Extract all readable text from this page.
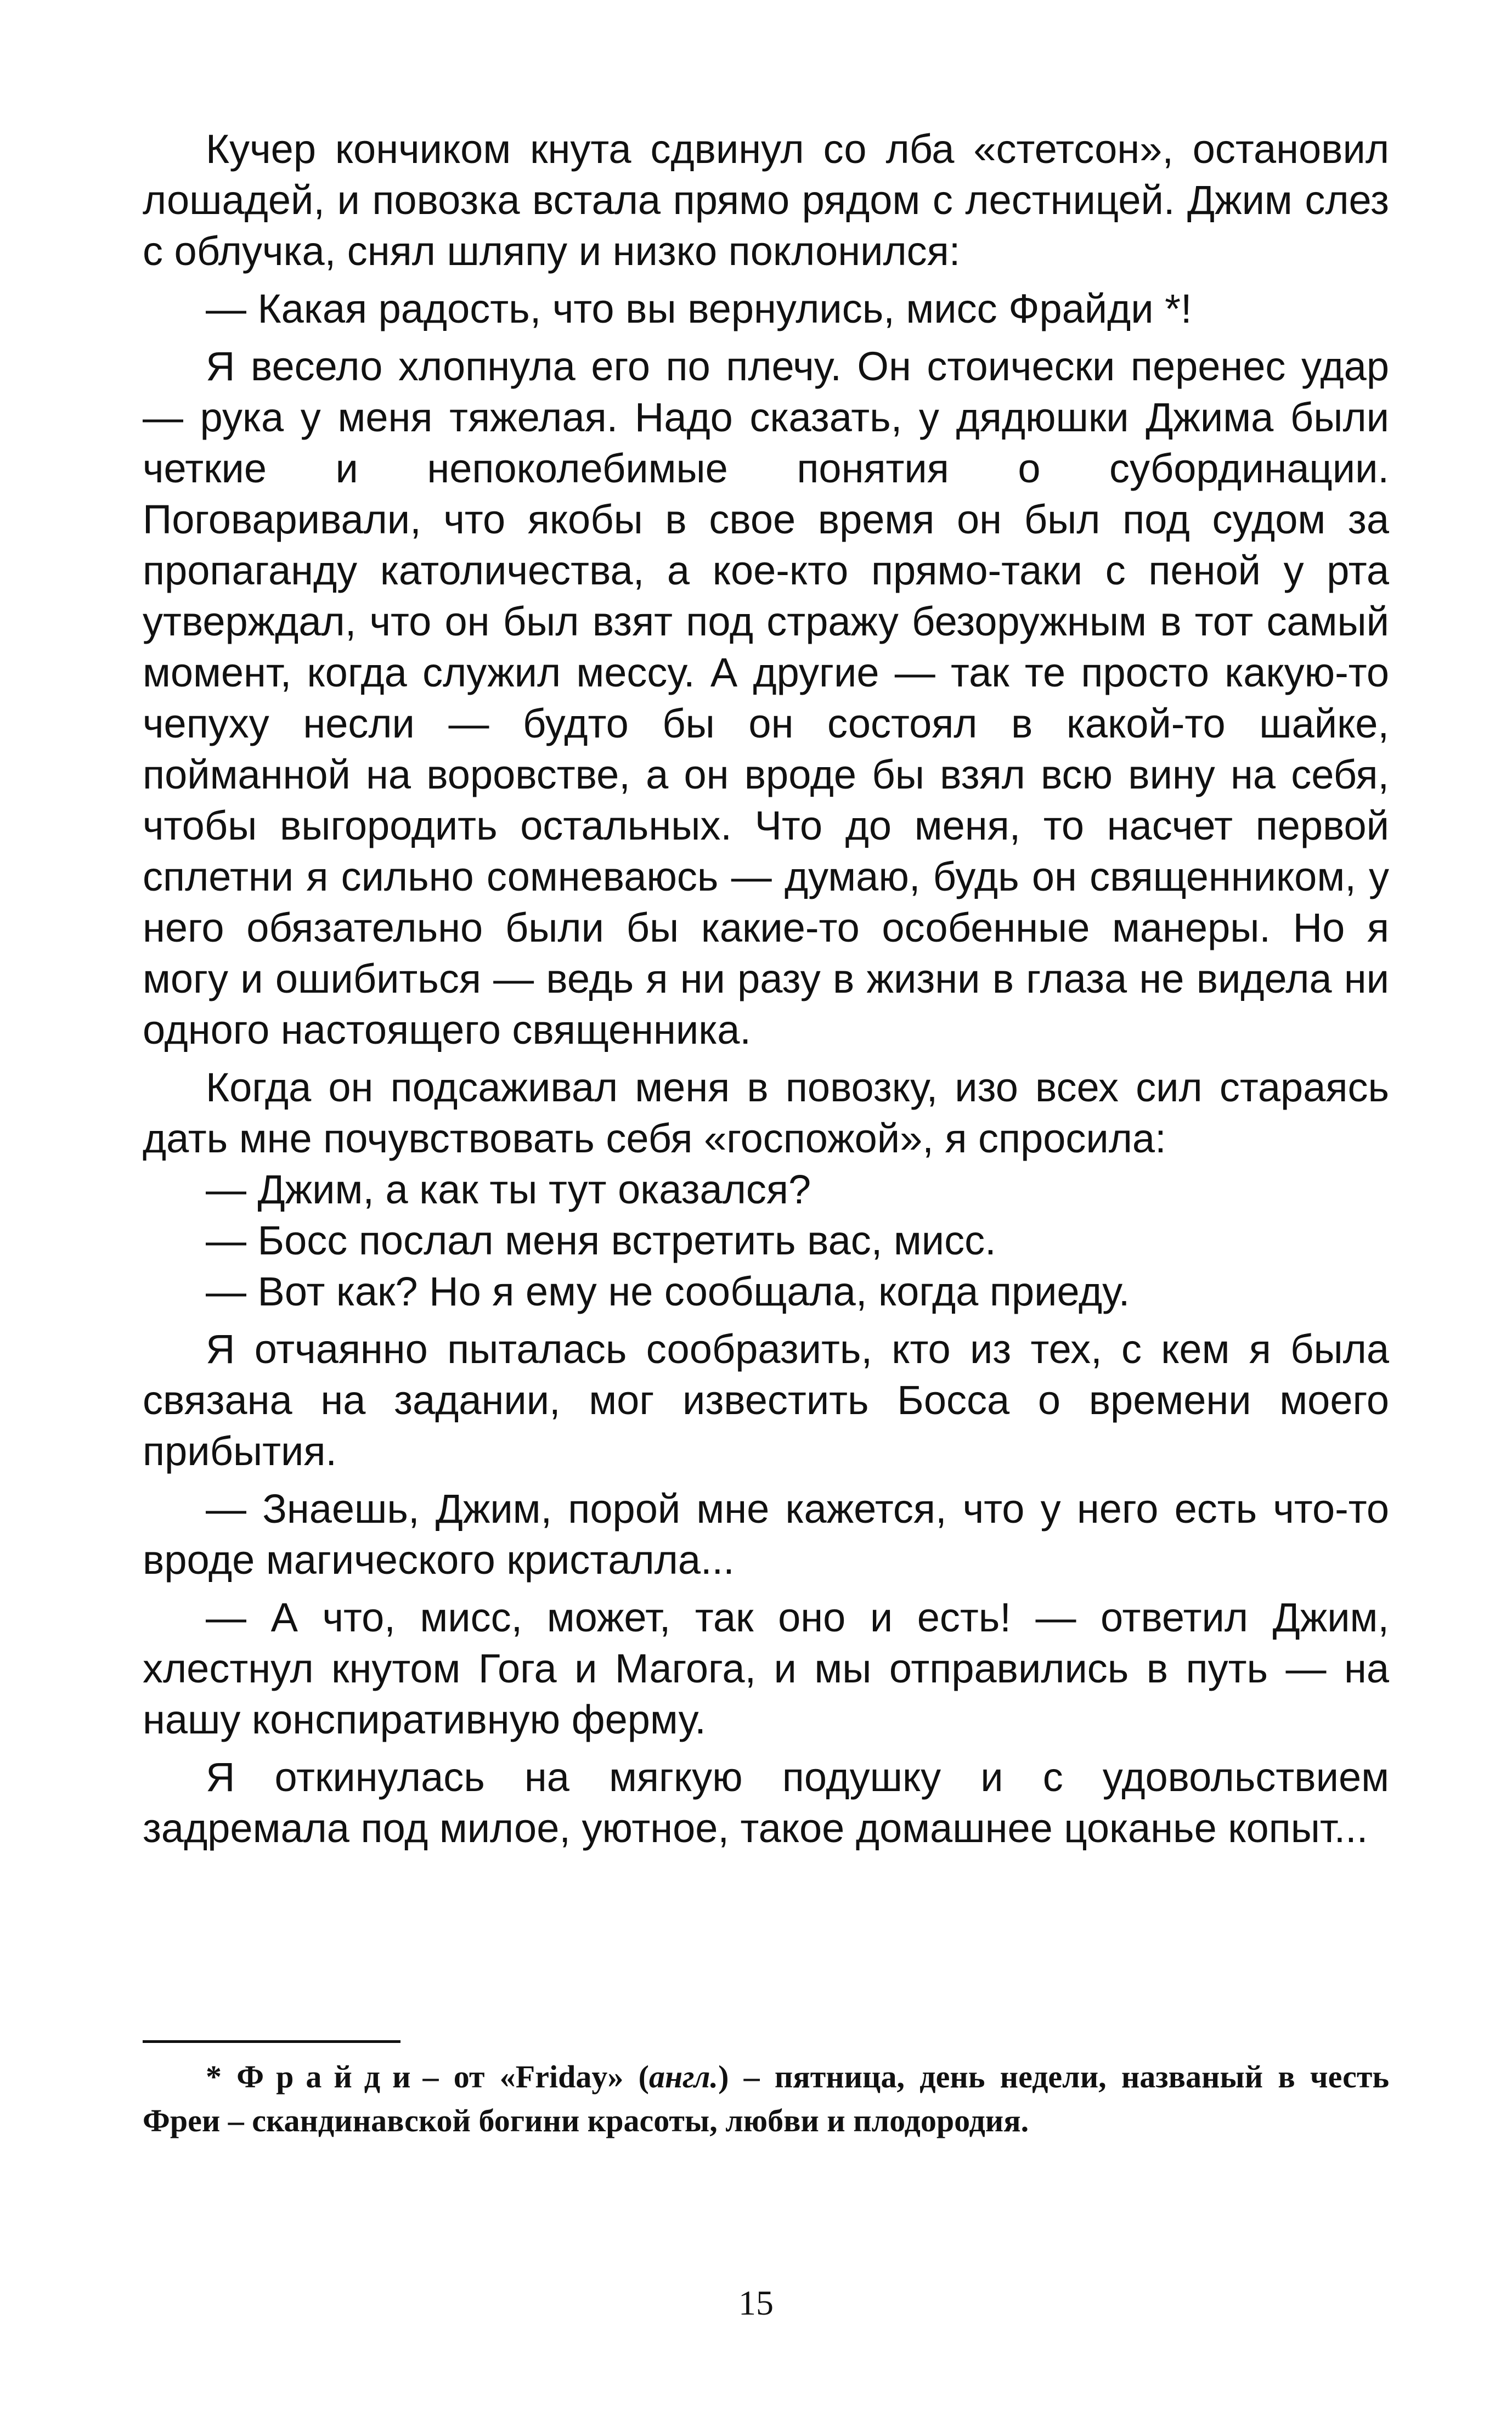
Кучер кончиком кнута сдвинул со лба «стетсон», остановил лошадей, и повозка встала прямо рядом с лестницей. Джим слез с облучка, снял шляпу и низко поклонился:

— Какая радость, что вы вернулись, мисс Фрайди *!

Я весело хлопнула его по плечу. Он стоически перенес удар — рука у меня тяжелая. Надо сказать, у дядюшки Джима были четкие и непоколебимые понятия о субординации. Поговаривали, что якобы в свое время он был под судом за пропаганду католичества, а кое-кто прямо-таки с пеной у рта утверждал, что он был взят под стражу безоружным в тот самый момент, когда служил мессу. А другие — так те просто какую-то чепуху несли — будто бы он состоял в какой-то шайке, пойманной на воровстве, а он вроде бы взял всю вину на себя, чтобы выгородить остальных. Что до меня, то насчет первой сплетни я сильно сомневаюсь — думаю, будь он священником, у него обязательно были бы какие-то особенные манеры. Но я могу и ошибиться — ведь я ни разу в жизни в глаза не видела ни одного настоящего священника.

Когда он подсаживал меня в повозку, изо всех сил стараясь дать мне почувствовать себя «госпожой», я спросила:

— Джим, а как ты тут оказался?

— Босс послал меня встретить вас, мисс.

— Вот как? Но я ему не сообщала, когда приеду.

Я отчаянно пыталась сообразить, кто из тех, с кем я была связана на задании, мог известить Босса о времени моего прибытия.

— Знаешь, Джим, порой мне кажется, что у него есть что-то вроде магического кристалла...

— А что, мисс, может, так оно и есть! — ответил Джим, хлестнул кнутом Гога и Магога, и мы отправились в путь — на нашу конспиративную ферму.

Я откинулась на мягкую подушку и с удовольствием задремала под милое, уютное, такое домашнее цоканье копыт...

* Фрайди– от «Friday» (англ.) – пятница, день недели, названый в честь Фреи – скандинавской богини красоты, любви и плодородия.

15
